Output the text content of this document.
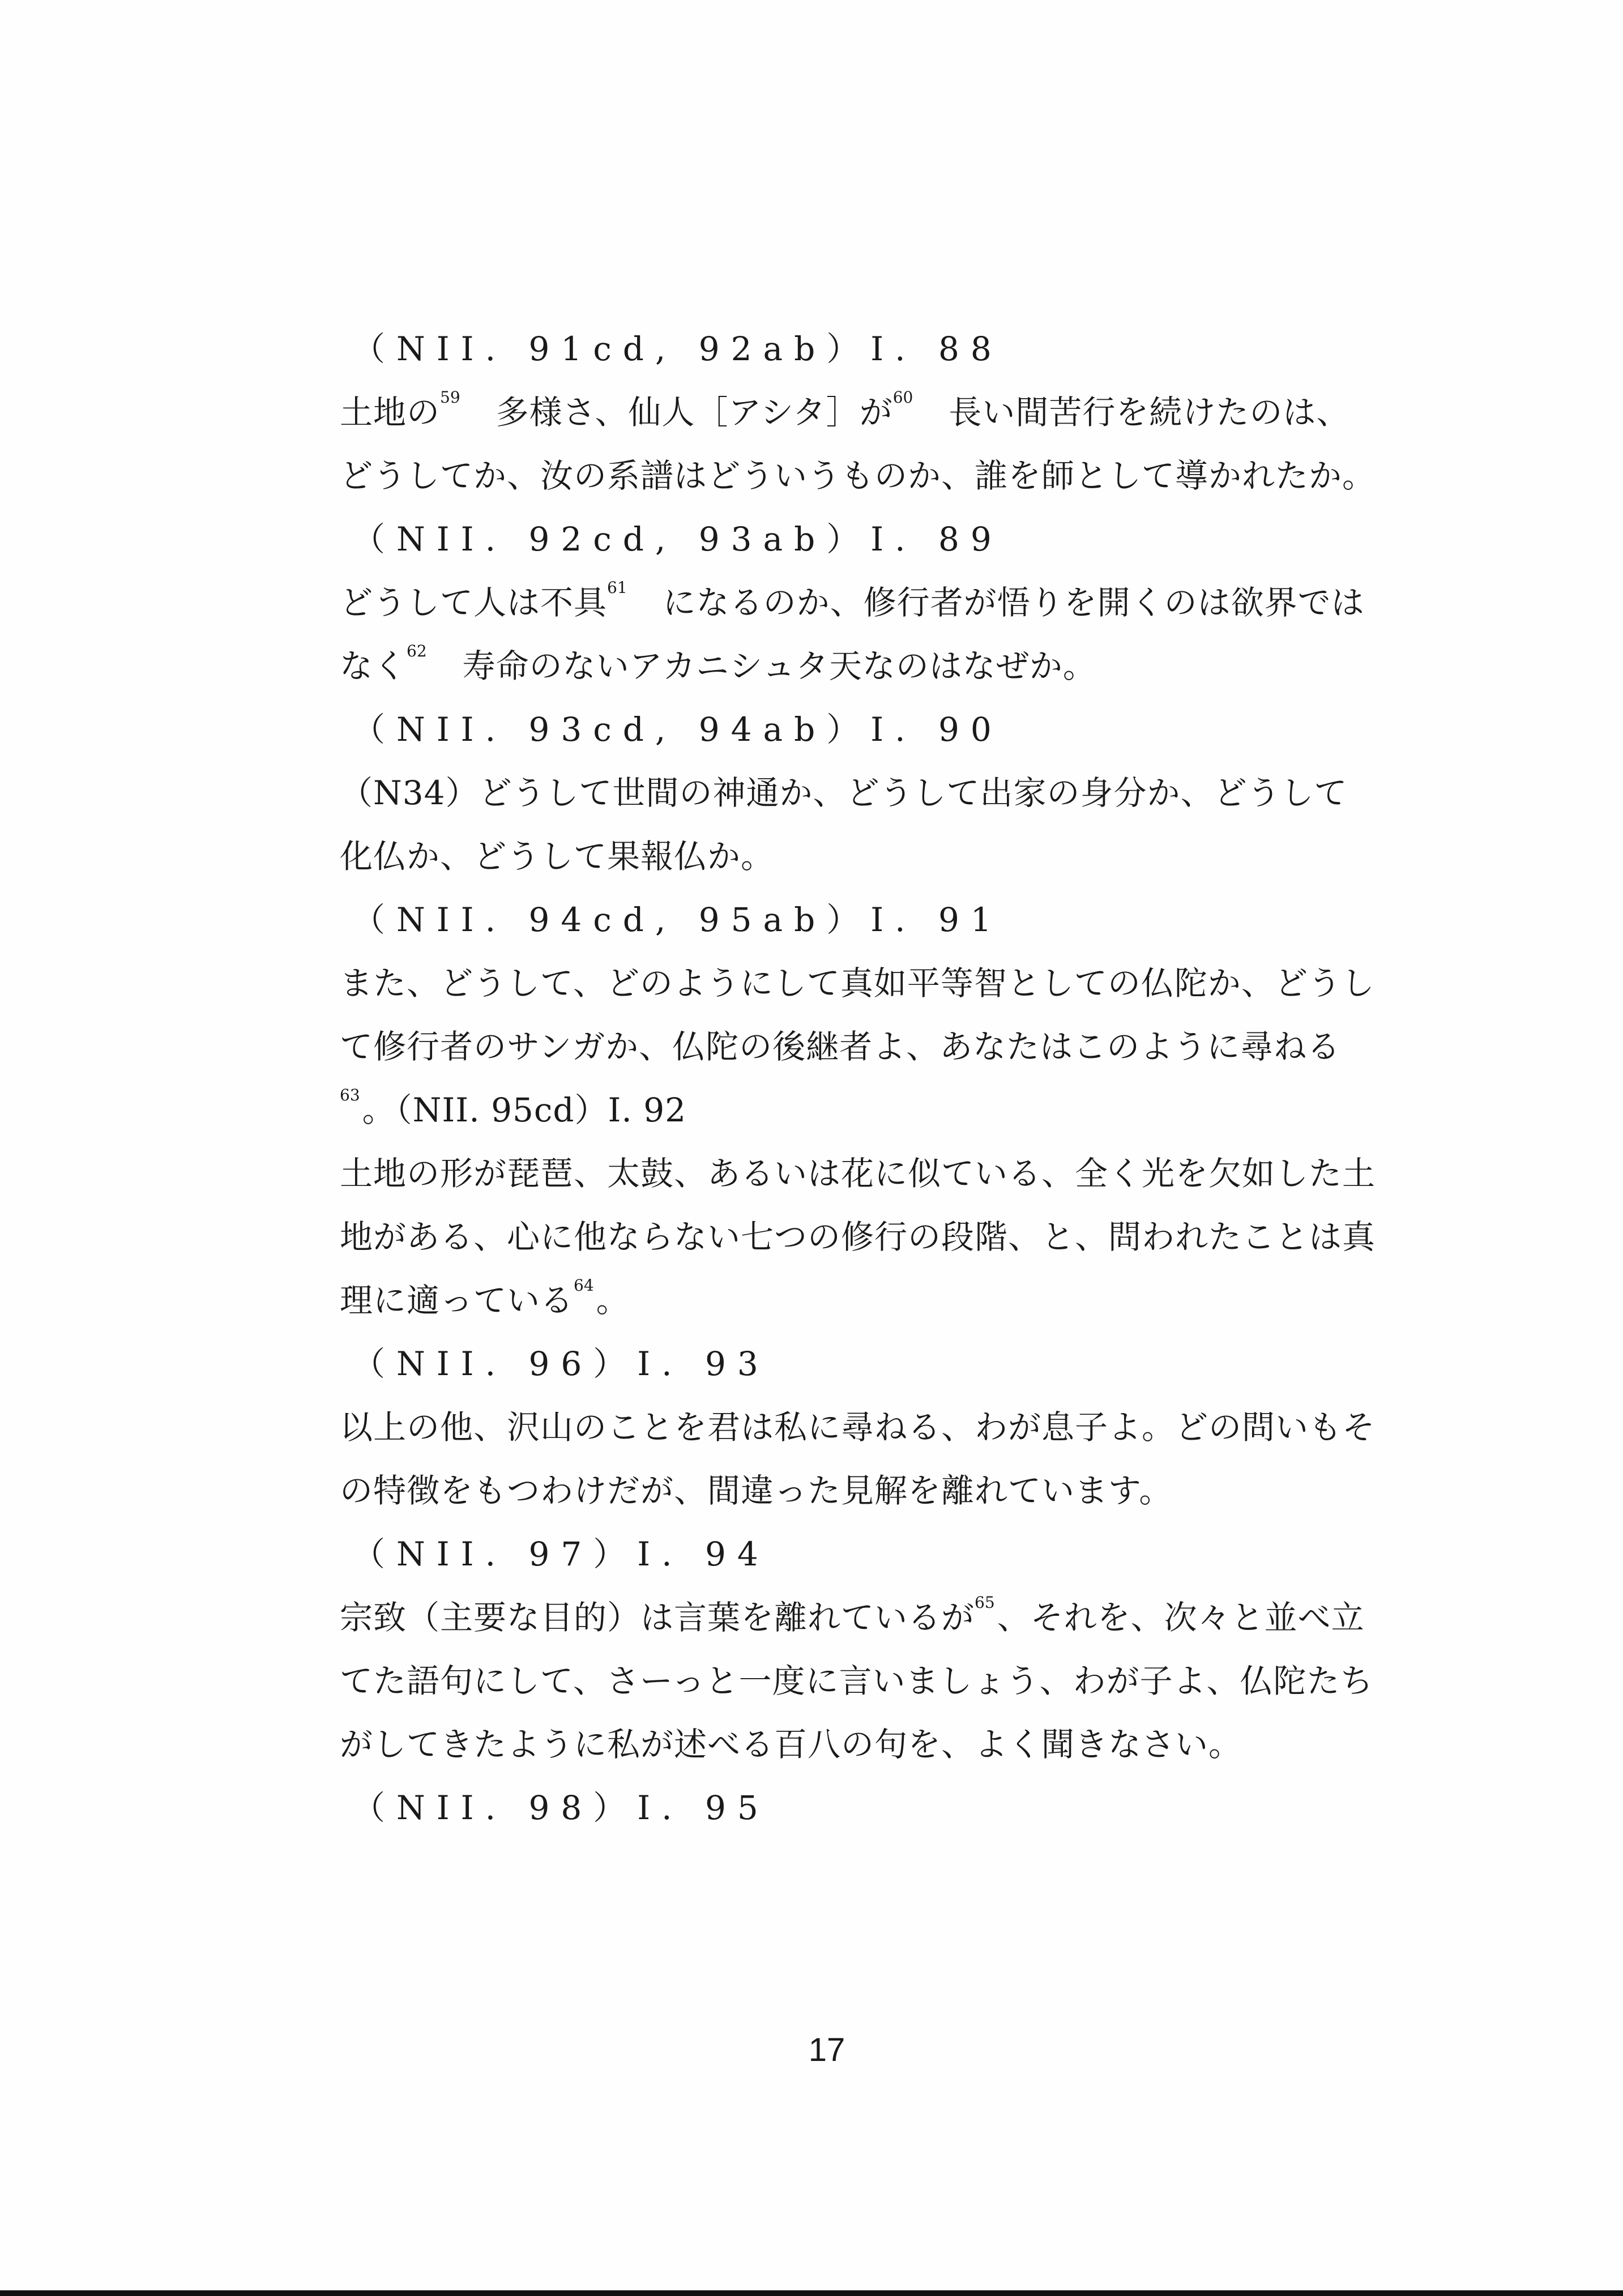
（NII. 91cd, 92ab）I. 88
土地の$^{59}$　多様さ、仙人［アシタ］が$^{60}$　長い間苦行を続けたのは、
どうしてか、汝の系譜はどういうものか、誰を師として導かれたか。
（NII. 92cd, 93ab）I. 89
どうして人は不具$^{61}$　になるのか、修行者が悟りを開くのは欲界では
なく$^{62}$　寿命のないアカニシュタ天なのはなぜか。
（NII. 93cd, 94ab）I. 90
（N34）どうして世間の神通か、どうして出家の身分か、どうして
化仏か、どうして果報仏か。
（NII. 94cd, 95ab）I. 91
また、どうして、どのようにして真如平等智としての仏陀か、どうし
て修行者のサンガか、仏陀の後継者よ、あなたはこのように尋ねる
$^{63}$。（NII. 95cd）I. 92
土地の形が琵琶、太鼓、あるいは花に似ている、全く光を欠如した土
地がある、心に他ならない七つの修行の段階、と、問われたことは真
理に適っている$^{64}$。
（NII. 96）I. 93
以上の他、沢山のことを君は私に尋ねる、わが息子よ。どの問いもそ
の特徴をもつわけだが、間違った見解を離れています。
（NII. 97）I. 94
宗致（主要な目的）は言葉を離れているが$^{65}$、それを、次々と並べ立
てた語句にして、さーっと一度に言いましょう、わが子よ、仏陀たち
がしてきたように私が述べる百八の句を、よく聞きなさい。
（NII. 98）I. 95
17
